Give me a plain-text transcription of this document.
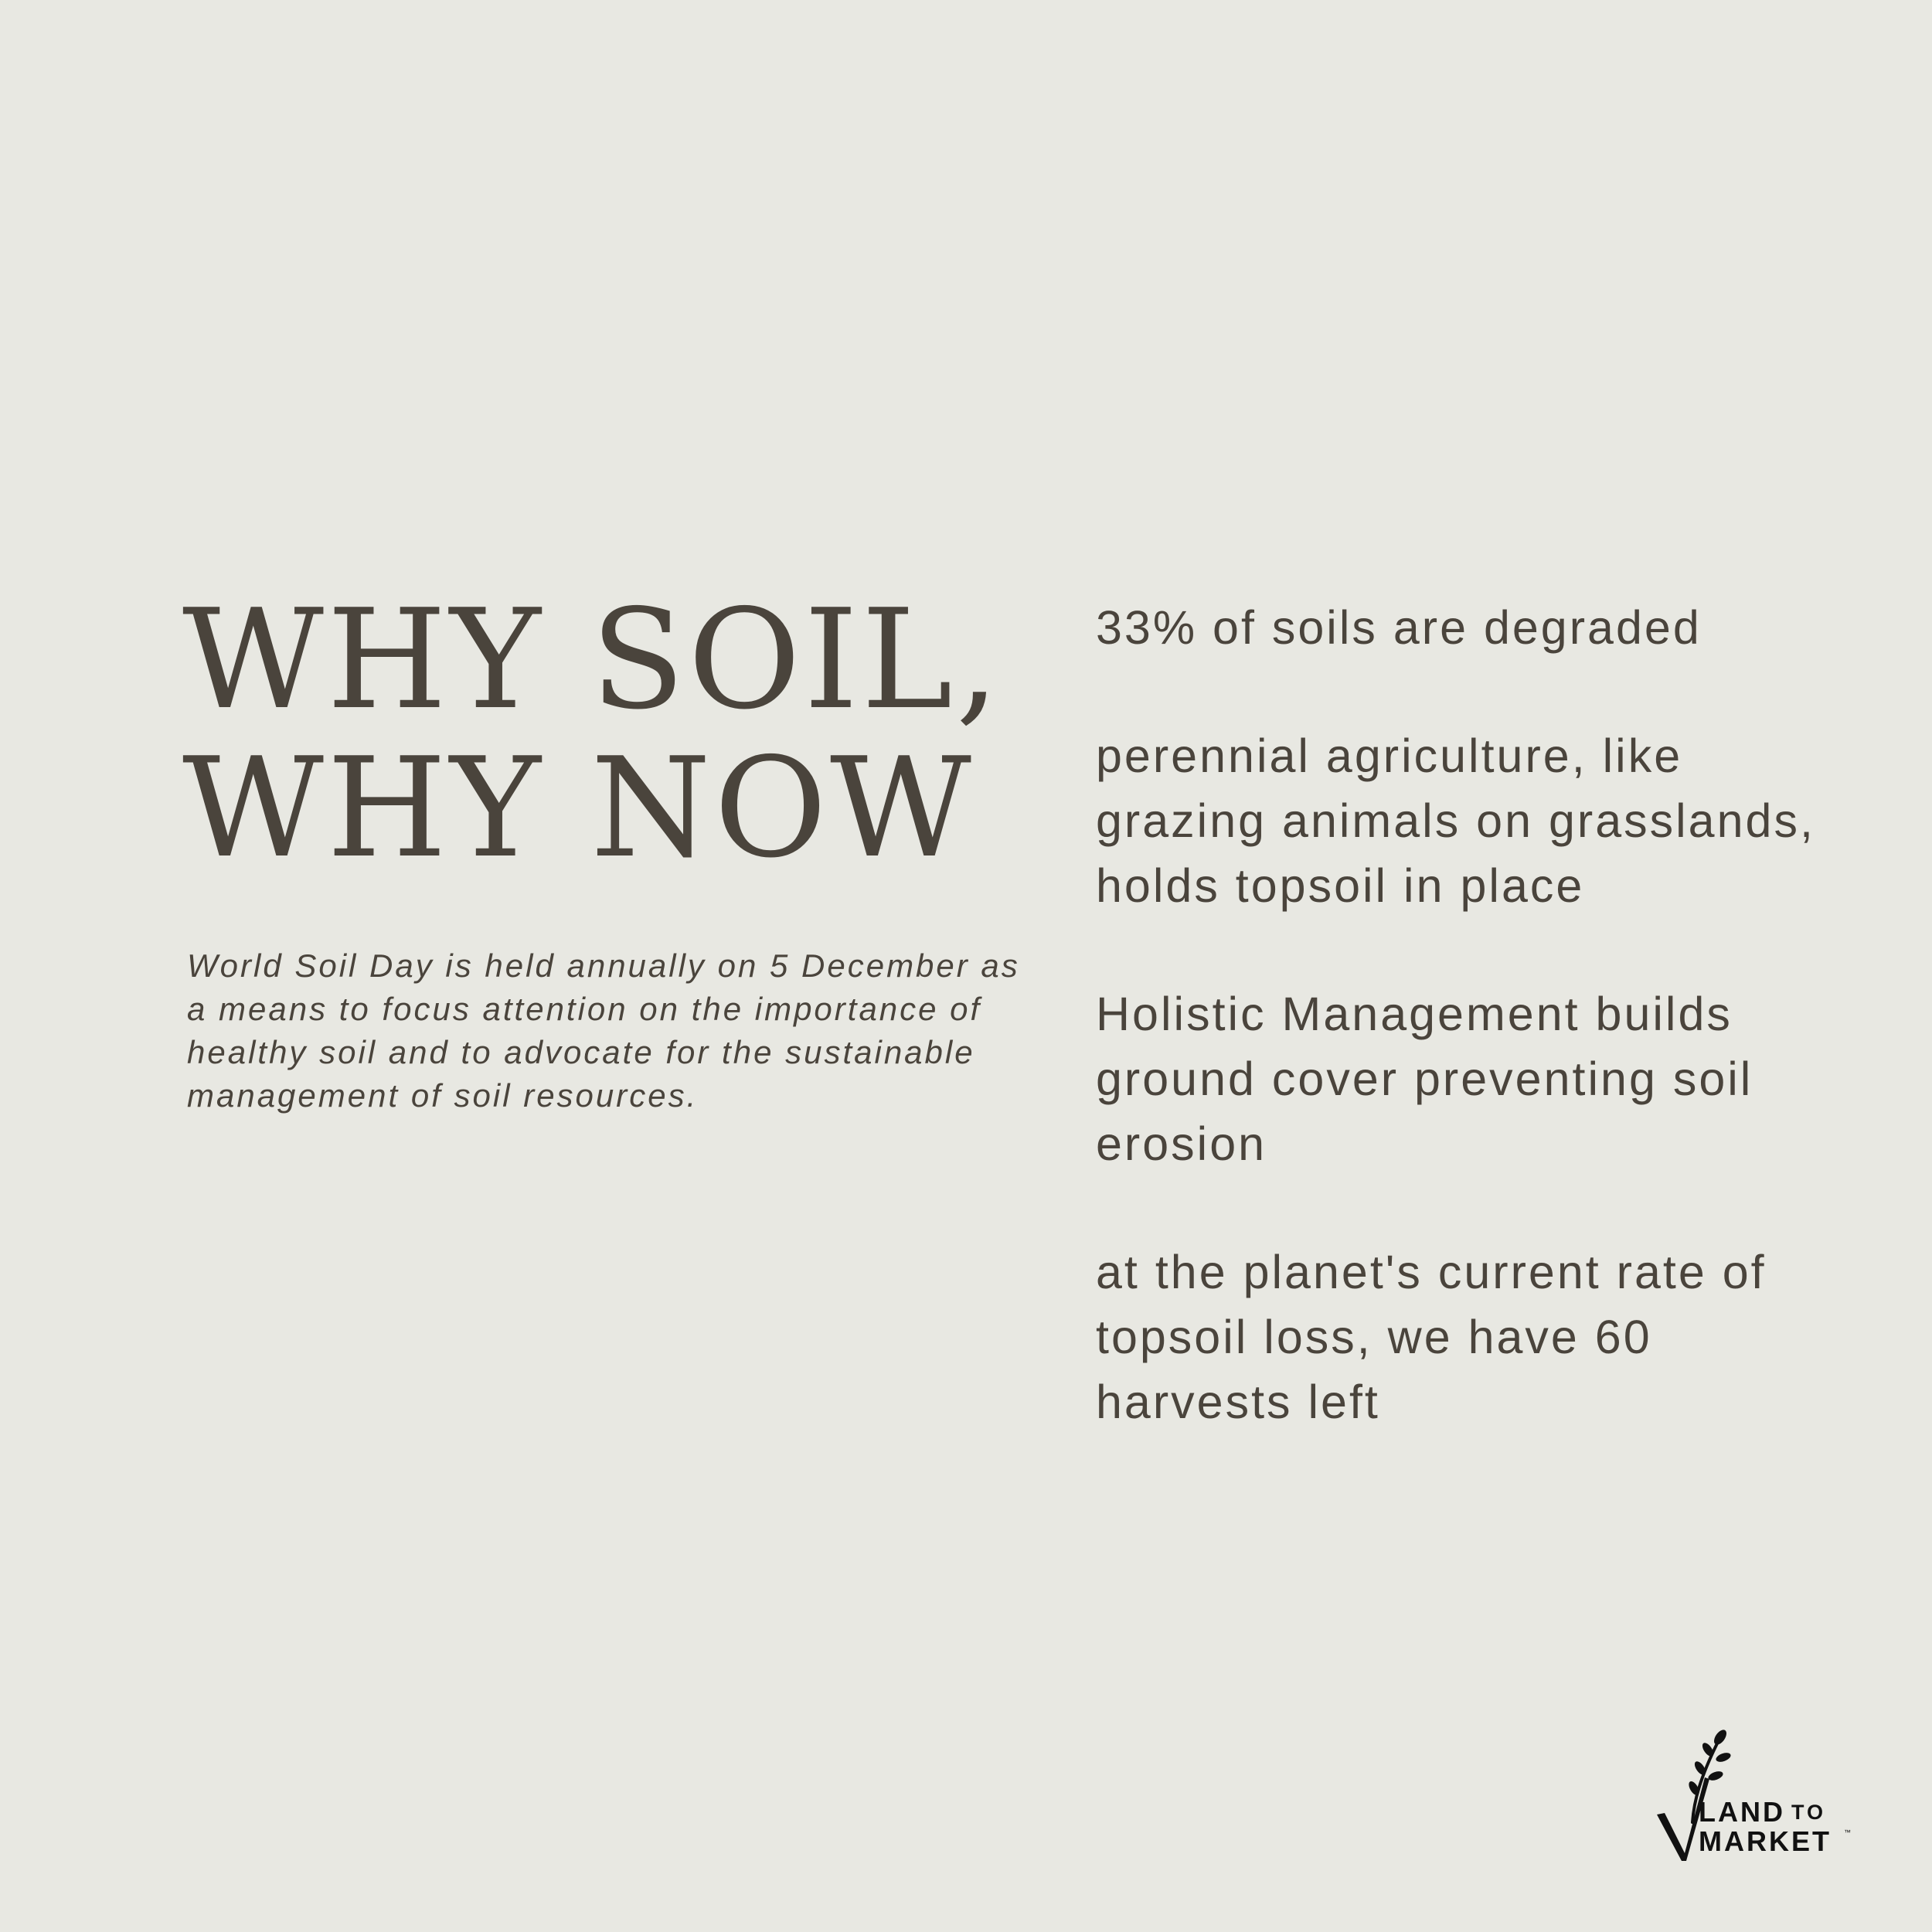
WHY SOIL,
WHY NOW

World Soil Day is held annually on 5 December as a means to focus attention on the importance of healthy soil and to advocate for the sustainable management of soil resources.

33% of soils are degraded
perennial agriculture, like grazing animals on grasslands, holds topsoil in place
Holistic Management builds ground cover preventing soil erosion
at the planet's current rate of topsoil loss, we have 60 harvests left
LAND TO
MARKET ™
